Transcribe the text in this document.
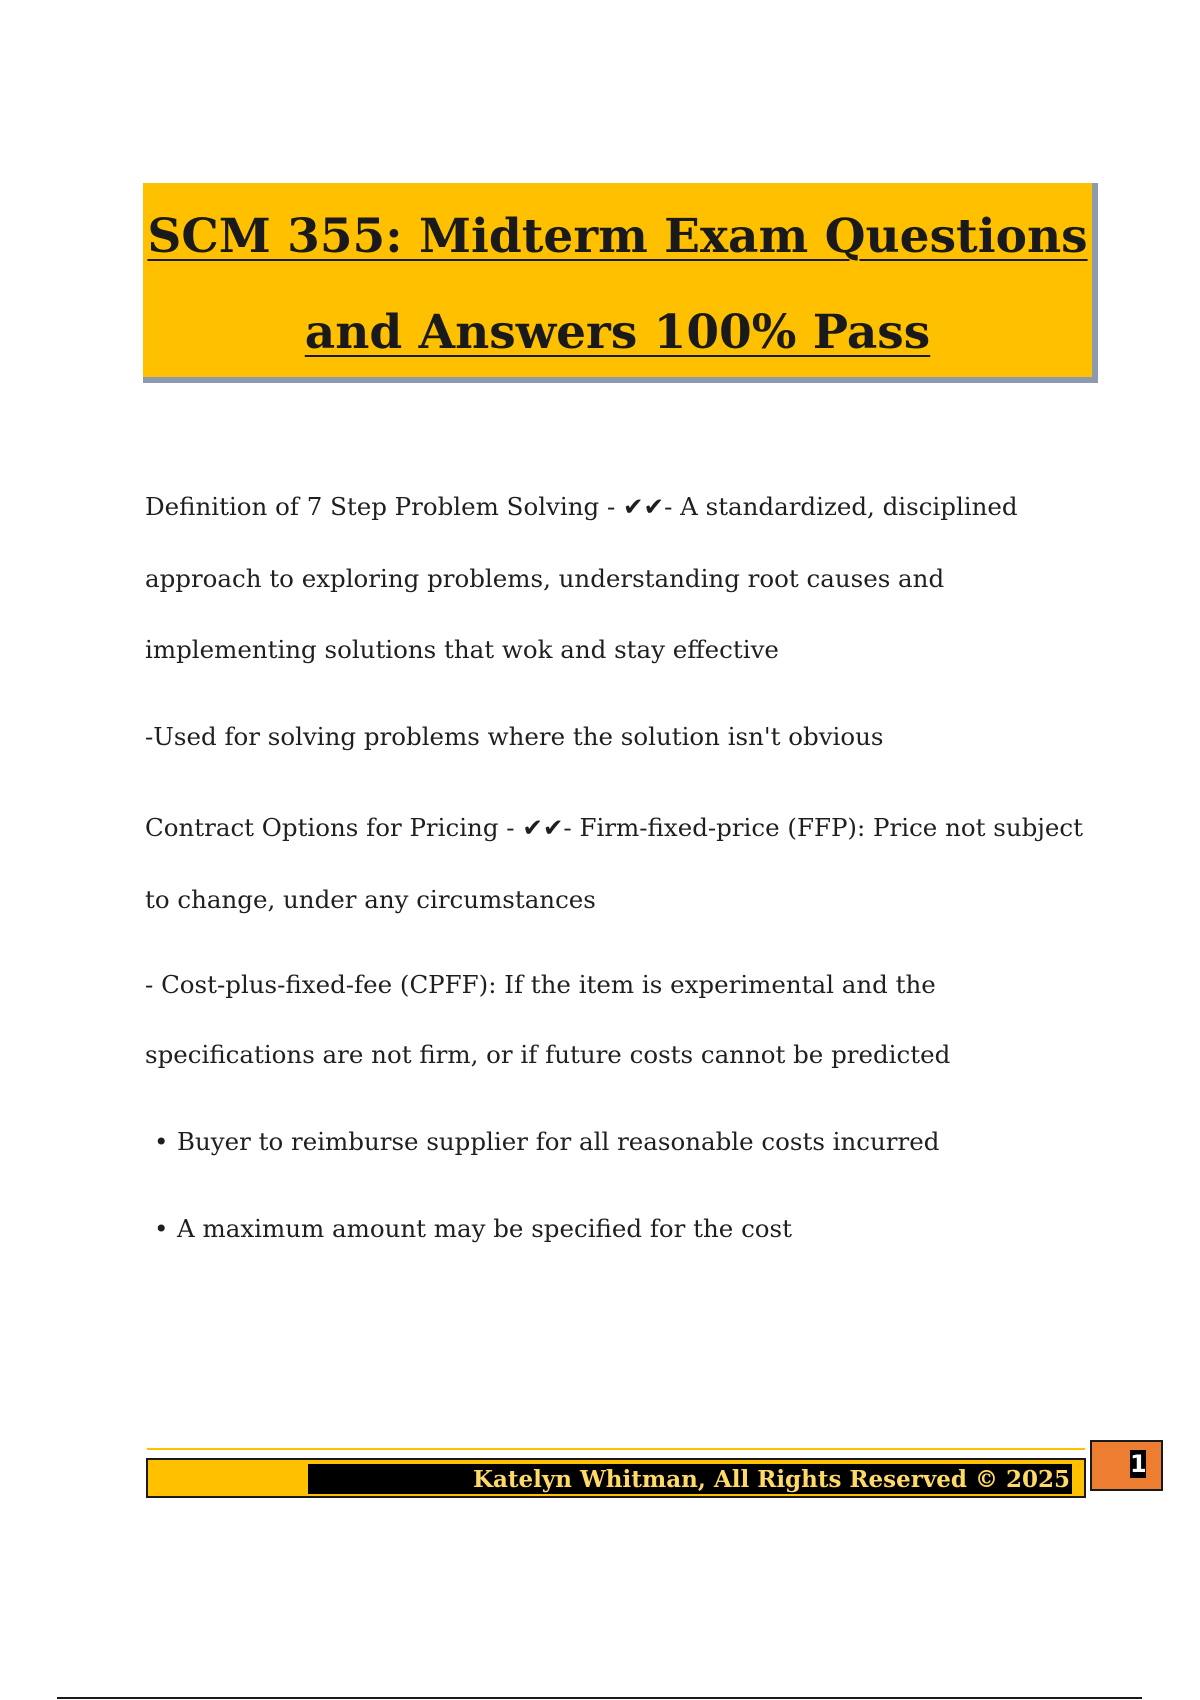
SCM 355: Midterm Exam Questions
and Answers 100% Pass
Definition of 7 Step Problem Solving - ✔✔- A standardized, disciplined
approach to exploring problems, understanding root causes and
implementing solutions that wok and stay effective
-Used for solving problems where the solution isn't obvious
Contract Options for Pricing - ✔✔- Firm-fixed-price (FFP): Price not subject
to change, under any circumstances
- Cost-plus-fixed-fee (CPFF): If the item is experimental and the
specifications are not firm, or if future costs cannot be predicted
• Buyer to reimburse supplier for all reasonable costs incurred
• A maximum amount may be specified for the cost
Katelyn Whitman, All Rights Reserved © 2025
1
